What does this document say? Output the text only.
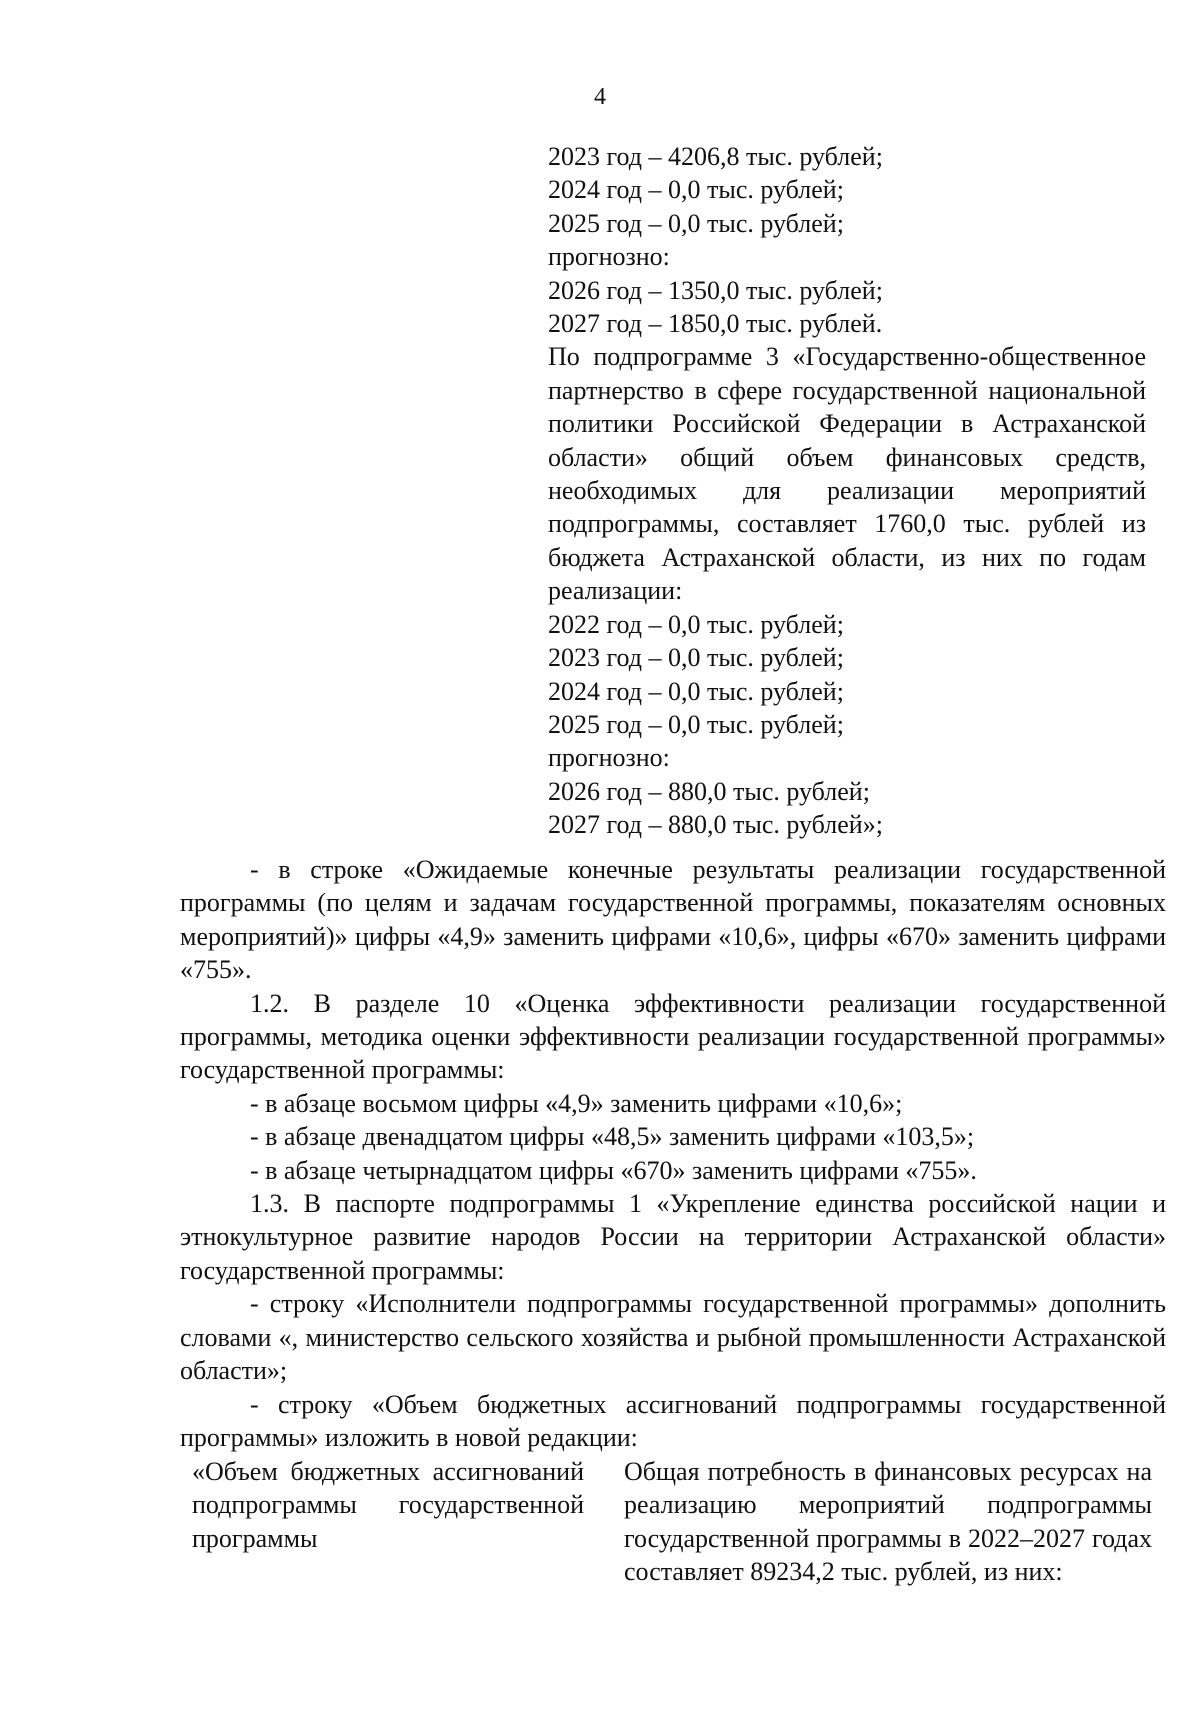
4
2023 год – 4206,8 тыс. рублей;
2024 год – 0,0 тыс. рублей;
2025 год – 0,0 тыс. рублей;
прогнозно:
2026 год – 1350,0 тыс. рублей;
2027 год – 1850,0 тыс. рублей.
По подпрограмме 3 «Государственно-общественное партнерство в сфере государственной национальной политики Российской Федерации в Астраханской области» общий объем финансовых средств, необходимых для реализации мероприятий подпрограммы, составляет 1760,0 тыс. рублей из бюджета Астраханской области, из них по годам реализации:
2022 год – 0,0 тыс. рублей;
2023 год – 0,0 тыс. рублей;
2024 год – 0,0 тыс. рублей;
2025 год – 0,0 тыс. рублей;
прогнозно:
2026 год – 880,0 тыс. рублей;
2027 год – 880,0 тыс. рублей»;

- в строке «Ожидаемые конечные результаты реализации государственной программы (по целям и задачам государственной программы, показателям основных мероприятий)» цифры «4,9» заменить цифрами «10,6», цифры «670» заменить цифрами «755».

1.2. В разделе 10 «Оценка эффективности реализации государственной программы, методика оценки эффективности реализации государственной программы» государственной программы:

- в абзаце восьмом цифры «4,9» заменить цифрами «10,6»;

- в абзаце двенадцатом цифры «48,5» заменить цифрами «103,5»;

- в абзаце четырнадцатом цифры «670» заменить цифрами «755».

1.3. В паспорте подпрограммы 1 «Укрепление единства российской нации и этнокультурное развитие народов России на территории Астраханской области» государственной программы:

- строку «Исполнители подпрограммы государственной программы» дополнить словами «, министерство сельского хозяйства и рыбной промышленности Астраханской области»;

- строку «Объем бюджетных ассигнований подпрограммы государственной программы» изложить в новой редакции:

«Объем бюджетных ассигнований подпрограммы государственной программы
Общая потребность в финансовых ресурсах на реализацию мероприятий подпрограммы государственной программы в 2022–2027 годах составляет 89234,2 тыс. рублей, из них:
